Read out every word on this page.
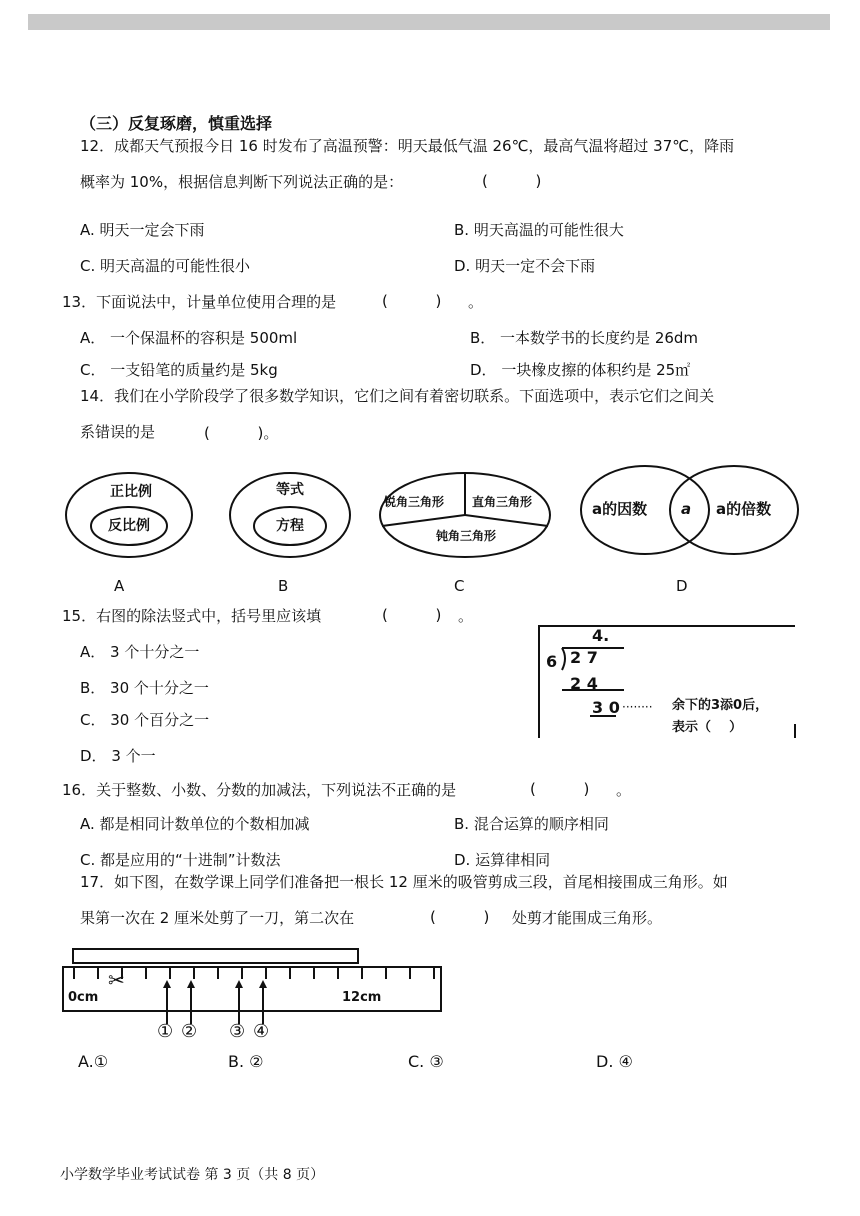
（三）反复琢磨，慎重选择
12．成都天气预报今日 16 时发布了高温预警：明天最低气温 26℃，最高气温将超过 37℃，降雨
概率为 10%，根据信息判断下列说法正确的是：	(          )
A. 明天一定会下雨	B. 明天高温的可能性很大
C. 明天高温的可能性很小	D. 明天一定不会下雨
13．下面说法中，计量单位使用合理的是	(          ) 。
A． 一个保温杯的容积是 500ml	B． 一本数学书的长度约是 26dm
C． 一支铅笔的质量约是 5kg	D． 一块橡皮擦的体积约是 25㎡
14．我们在小学阶段学了很多数学知识，它们之间有着密切联系。下面选项中，表示它们之间关
系错误的是	(          )。
正比例
反比例
等式
方程
锐角三角形 直角三角形
钝角三角形
a的因数 a a的倍数
A	B	C	D
15．右图的除法竖式中，括号里应该填	(          ) 。
A． 3 个十分之一
B． 30 个十分之一
C． 30 个百分之一
D． 3 个一
4.
6 2 7
2 4
3 0 ········ 余下的3添0后，
表示（    ）
16．关于整数、小数、分数的加减法，下列说法不正确的是	(          ) 。
A. 都是相同计数单位的个数相加减	B. 混合运算的顺序相同
C. 都是应用的“十进制”计数法	D. 运算律相同
17．如下图，在数学课上同学们准备把一根长 12 厘米的吸管剪成三段，首尾相接围成三角形。如
果第一次在 2 厘米处剪了一刀，第二次在	(          ) 处剪才能围成三角形。
0cm	12cm
✂
① ② ③ ④
A.①	B. ②	C. ③	D. ④
小学数学毕业考试试卷 第 3 页（共 8 页）
